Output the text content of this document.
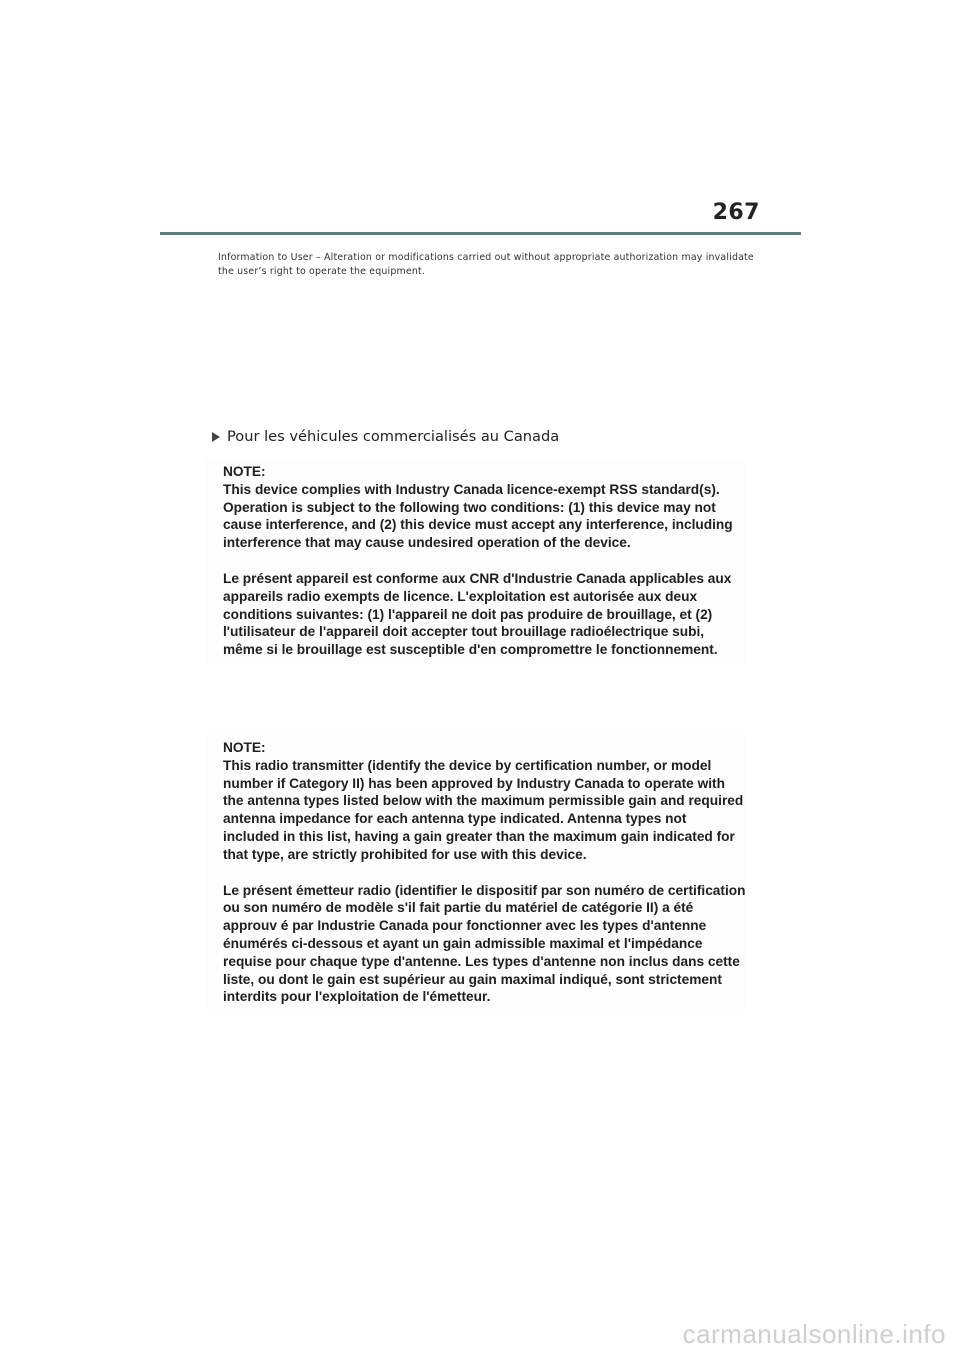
267
Information to User – Alteration or modifications carried out without appropriate authorization may invalidate the user’s right to operate the equipment.
Pour les véhicules commercialisés au Canada
NOTE:

This device complies with Industry Canada licence-exempt RSS standard(s). Operation is subject to the following two conditions: (1) this device may not cause interference, and (2) this device must accept any interference, including interference that may cause undesired operation of the device.

Le présent appareil est conforme aux CNR d'Industrie Canada applicables aux appareils radio exempts de licence. L'exploitation est autorisée aux deux conditions suivantes: (1) l'appareil ne doit pas produire de brouillage, et (2) l'utilisateur de l'appareil doit accepter tout brouillage radioélectrique subi, même si le brouillage est susceptible d'en compromettre le fonctionnement.

NOTE:

This radio transmitter (identify the device by certification number, or model number if Category II) has been approved by Industry Canada to operate with the antenna types listed below with the maximum permissible gain and required antenna impedance for each antenna type indicated. Antenna types not included in this list, having a gain greater than the maximum gain indicated for that type, are strictly prohibited for use with this device.

Le présent émetteur radio (identifier le dispositif par son numéro de certification ou son numéro de modèle s'il fait partie du matériel de catégorie II) a été approuv é par Industrie Canada pour fonctionner avec les types d'antenne énumérés ci-dessous et ayant un gain admissible maximal et l'impédance requise pour chaque type d'antenne. Les types d'antenne non inclus dans cette liste, ou dont le gain est supérieur au gain maximal indiqué, sont strictement interdits pour l'exploitation de l'émetteur.

carmanualsonline.info
